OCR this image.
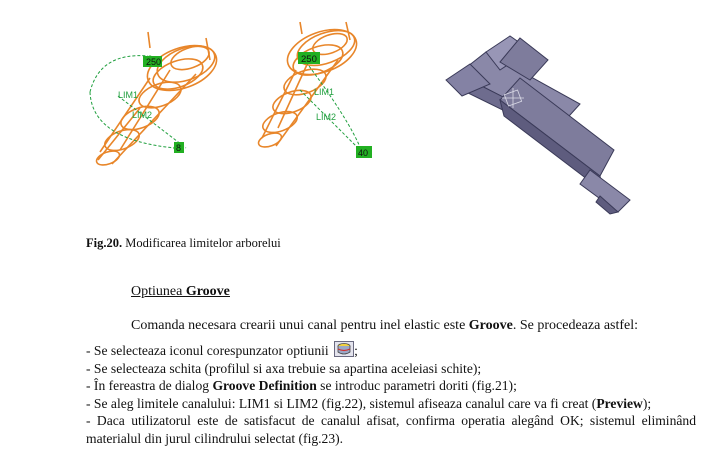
250
LIM1
LIM2
8
250
LIM1
LIM2
40
Fig.20. Modificarea limitelor arborelui
Optiunea Groove
Comanda necesara crearii unui canal pentru inel elastic este Groove. Se procedeaza astfel:

- Se selecteaza iconul corespunzator optiunii ;

- Se selecteaza schita (profilul si axa trebuie sa apartina aceleiasi schite);

- În fereastra de dialog Groove Definition se introduc parametri doriti (fig.21);

- Se aleg limitele canalului: LIM1 si LIM2 (fig.22), sistemul afiseaza canalul care va fi creat (Preview);

- Daca utilizatorul este de satisfacut de canalul afisat, confirma operatia alegând OK; sistemul eliminând materialul din jurul cilindrului selectat (fig.23).
